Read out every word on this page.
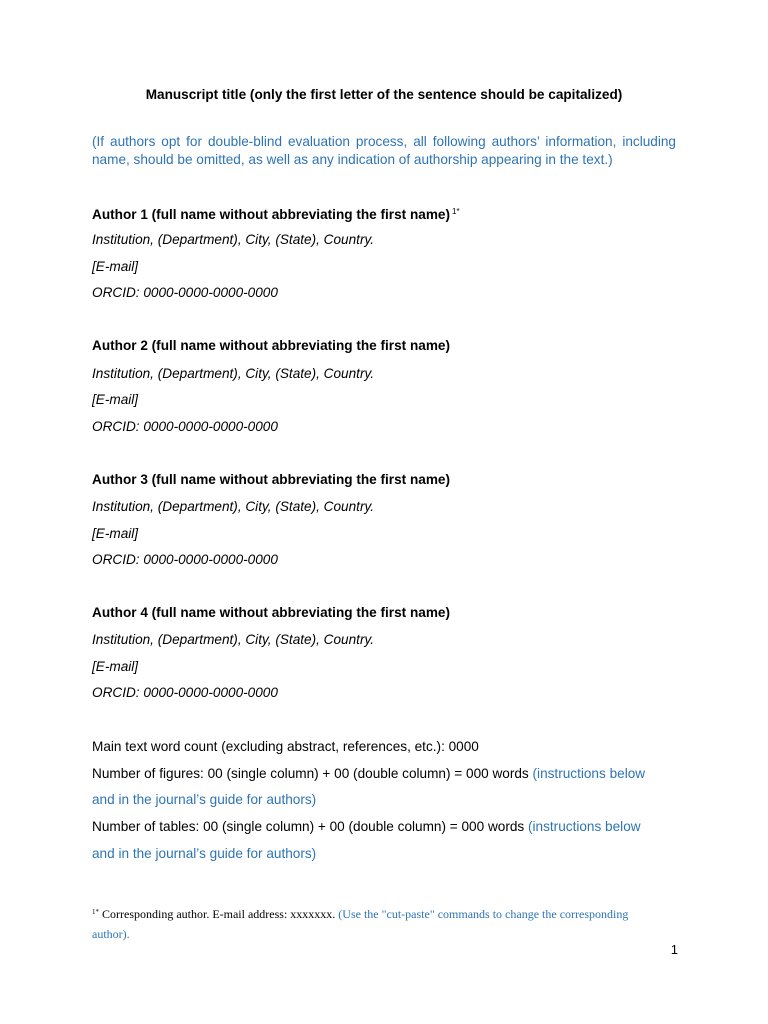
Manuscript title (only the first letter of the sentence should be capitalized)
(If authors opt for double-blind evaluation process, all following authors’ information, including name, should be omitted, as well as any indication of authorship appearing in the text.)
Author 1 (full name without abbreviating the first name) $^{1*}$
Institution, (Department), City, (State), Country.
[E-mail]
ORCID: 0000-0000-0000-0000
Author 2 (full name without abbreviating the first name)
Institution, (Department), City, (State), Country.
[E-mail]
ORCID: 0000-0000-0000-0000
Author 3 (full name without abbreviating the first name)
Institution, (Department), City, (State), Country.
[E-mail]
ORCID: 0000-0000-0000-0000
Author 4 (full name without abbreviating the first name)
Institution, (Department), City, (State), Country.
[E-mail]
ORCID: 0000-0000-0000-0000
Main text word count (excluding abstract, references, etc.): 0000
Number of figures: 00 (single column) + 00 (double column) = 000 words (instructions below
and in the journal’s guide for authors)
Number of tables: 00 (single column) + 00 (double column) = 000 words (instructions below
and in the journal’s guide for authors)
$^{1*}$ Corresponding author. E-mail address: xxxxxxx. (Use the "cut-paste" commands to change the corresponding
author).
1
